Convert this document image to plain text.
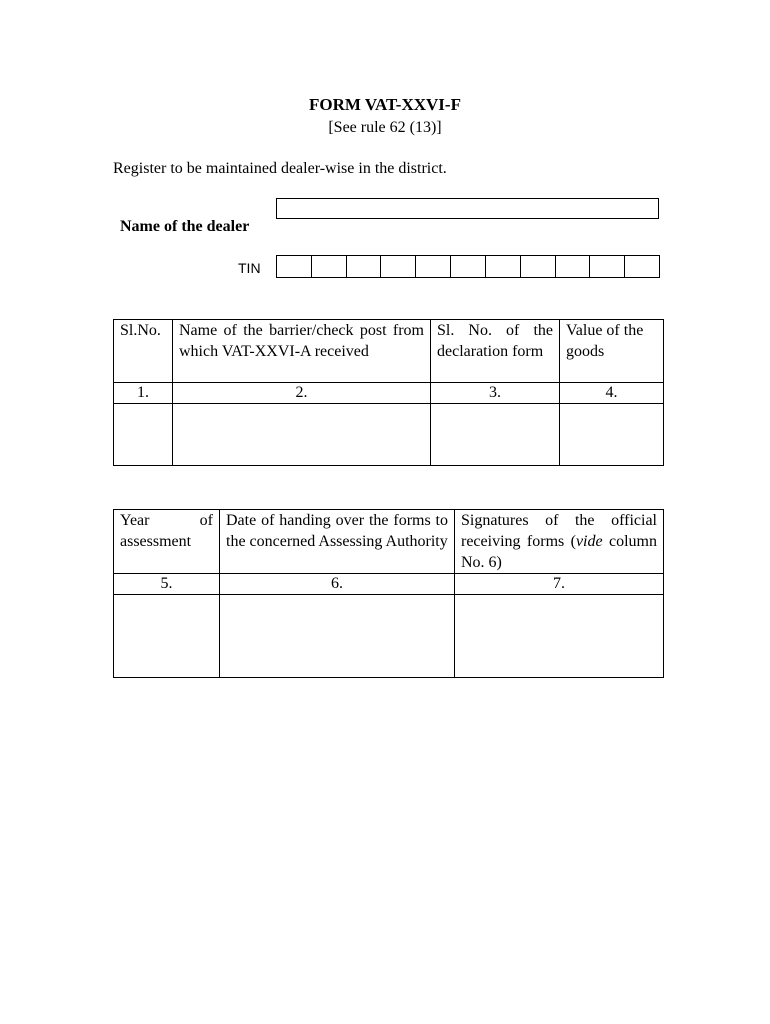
FORM VAT-XXVI-F
[See rule 62 (13)]
Register to be maintained dealer-wise in the district.
Name of the dealer
TIN
Sl.No.	Name of the barrier/check post from which VAT-XXVI-A received	Sl. No. of the declaration form	Value of the goods
1.	2.	3.	4.

Year of assessment	Date of handing over the forms to the concerned Assessing Authority	Signatures of the official receiving forms (vide column No. 6)
5.	6.	7.
